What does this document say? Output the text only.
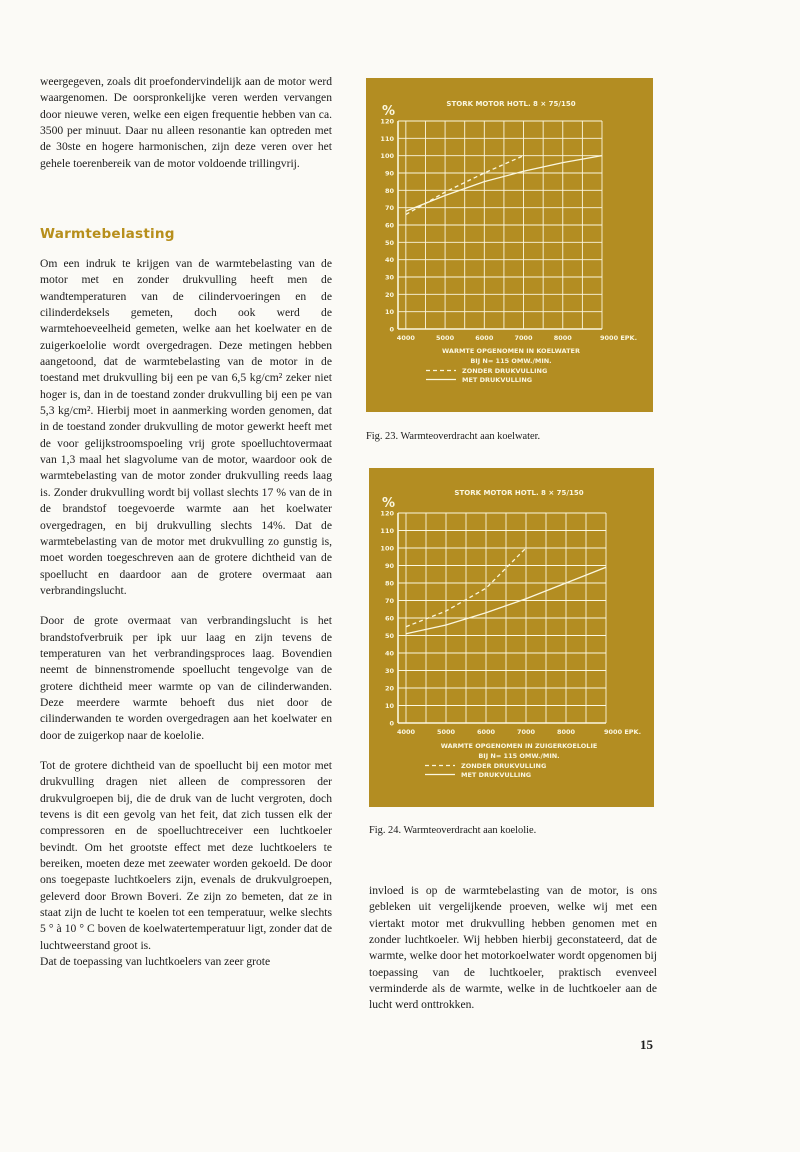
weergegeven, zoals dit proefondervindelijk aan de motor werd waargenomen. De oorspronkelijke veren werden vervangen door nieuwe veren, welke een eigen frequentie hebben van ca. 3500 per minuut. Daar nu alleen resonantie kan optreden met de 30ste en hogere harmonischen, zijn deze veren over het gehele toerenbereik van de motor voldoende trillingvrij.

Warmtebelasting

Om een indruk te krijgen van de warmtebelasting van de motor met en zonder drukvulling heeft men de wandtemperaturen van de cilindervoeringen en de cilinderdeksels gemeten, doch ook werd de warmtehoeveelheid gemeten, welke aan het koelwater en de zuigerkoelolie wordt overgedragen. Deze metingen hebben aangetoond, dat de warmtebelasting van de motor in de toestand met drukvulling bij een pe van 6,5 kg/cm² zeker niet hoger is, dan in de toestand zonder drukvulling bij een pe van 5,3 kg/cm². Hierbij moet in aanmerking worden genomen, dat in de toestand zonder drukvulling de motor gewerkt heeft met de voor gelijkstroomspoeling vrij grote spoelluchtovermaat van 1,3 maal het slagvolume van de motor, waardoor ook de warmtebelasting van de motor zonder drukvulling reeds laag is. Zonder drukvulling wordt bij vollast slechts 17 % van de in de brandstof toegevoerde warmte aan het koelwater overgedragen, en bij drukvulling slechts 14%. Dat de warmtebelasting van de motor met drukvulling zo gunstig is, moet worden toegeschreven aan de grotere dichtheid van de spoellucht en daardoor aan de grotere overmaat aan verbrandingslucht.

Door de grote overmaat van verbrandingslucht is het brandstofverbruik per ipk uur laag en zijn tevens de temperaturen van het verbrandingsproces laag. Bovendien neemt de binnenstromende spoellucht tengevolge van de grotere dichtheid meer warmte op van de cilinderwanden. Deze meerdere warmte behoeft dus niet door de cilinderwanden te worden overgedragen aan het koelwater en door de zuigerkop naar de koelolie.

Tot de grotere dichtheid van de spoellucht bij een motor met drukvulling dragen niet alleen de compressoren der drukvulgroepen bij, die de druk van de lucht vergroten, doch tevens is dit een gevolg van het feit, dat zich tussen elk der compressoren en de spoelluchtreceiver een luchtkoeler bevindt. Om het grootste effect met deze luchtkoelers te bereiken, moeten deze met zeewater worden gekoeld. De door ons toegepaste luchtkoelers zijn, evenals de drukvulgroepen, geleverd door Brown Boveri. Ze zijn zo bemeten, dat ze in staat zijn de lucht te koelen tot een temperatuur, welke slechts 5 ° à 10 ° C boven de koelwatertemperatuur ligt, zonder dat de luchtweerstand groot is.

Dat de toepassing van luchtkoelers van zeer grote

STORK MOTOR HOTL. 8 × 75/150
%
120
110
100
90
80
70
60
50
40
30
20
10
0
4000	5000	6000	7000	8000	9000 EPK.
WARMTE OPGENOMEN IN KOELWATER
BIJ N= 115 OMW./MIN.
ZONDER DRUKVULLING
MET DRUKVULLING
Fig. 23. Warmteoverdracht aan koelwater.
STORK MOTOR HOTL. 8 × 75/150
%
120
110
100
90
80
70
60
50
40
30
20
10
0
4000	5000	6000	7000	8000	9000 EPK.
WARMTE OPGENOMEN IN ZUIGERKOELOLIE
BIJ N= 115 OMW./MIN.
ZONDER DRUKVULLING
MET DRUKVULLING
Fig. 24. Warmteoverdracht aan koelolie.

invloed is op de warmtebelasting van de motor, is ons gebleken uit vergelijkende proeven, welke wij met een viertakt motor met drukvulling hebben genomen met en zonder luchtkoeler. Wij hebben hierbij geconstateerd, dat de warmte, welke door het motorkoelwater wordt opgenomen bij toepassing van de luchtkoeler, praktisch evenveel verminderde als de warmte, welke in de luchtkoeler aan de lucht werd onttrokken.

15
